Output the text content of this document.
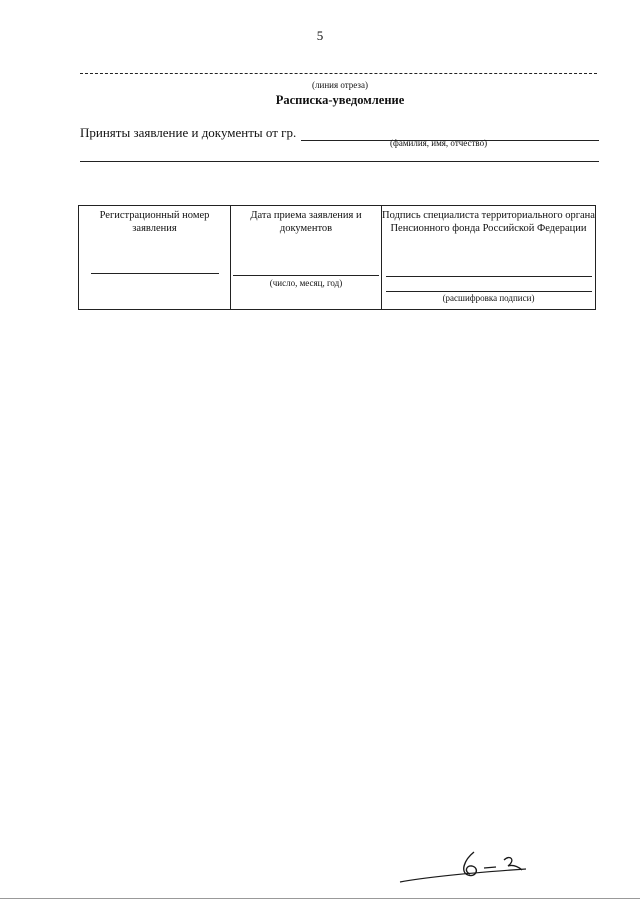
5
(линия отреза)
Расписка-уведомление
Приняты заявление и документы от гр.
(фамилия, имя, отчество)
Регистрационный номер заявления
Дата приема заявления и документов
(число, месяц, год)
Подпись специалиста территориального органа Пенсионного фонда Российской Федерации
(расшифровка подписи)
